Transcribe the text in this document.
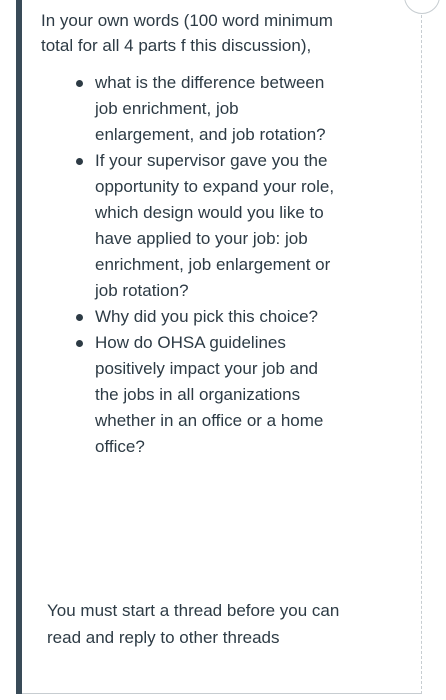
In your own words (100 word minimum total for all 4 parts f this discussion),

what is the difference between job enrichment, job enlargement, and job rotation?
If your supervisor gave you the opportunity to expand your role, which design would you like to have applied to your job: job enrichment, job enlargement or job rotation?
Why did you pick this choice?
How do OHSA guidelines positively impact your job and the jobs in all organizations whether in an office or a home office?

You must start a thread before you can read and reply to other threads
